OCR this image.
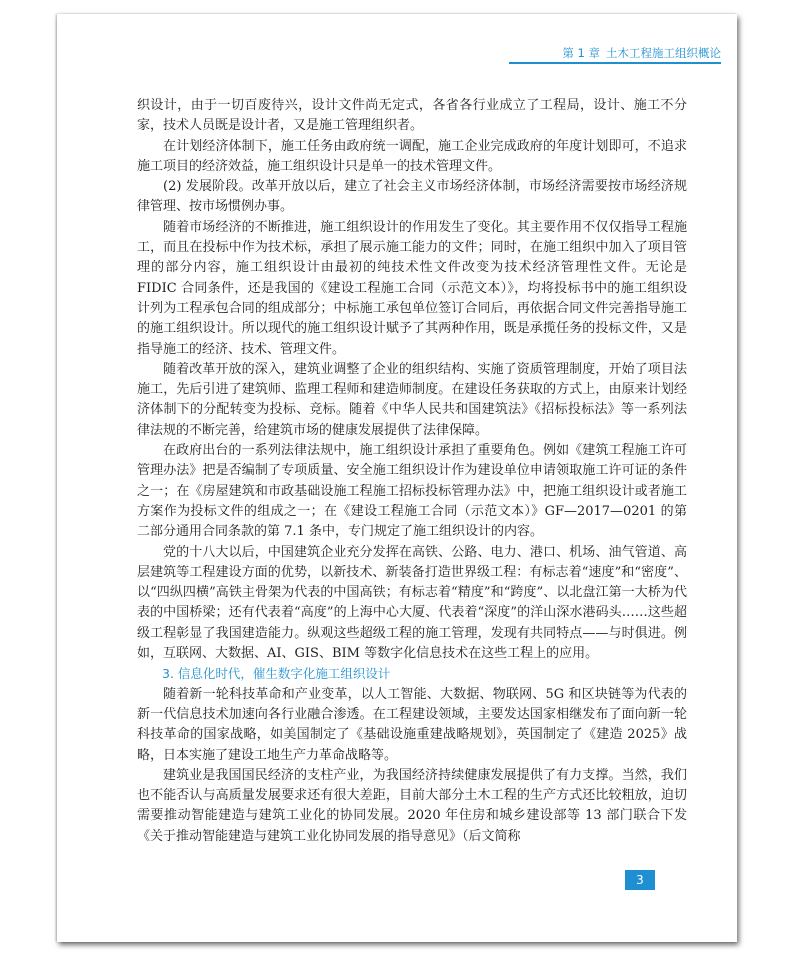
第 1 章 土木工程施工组织概论

织设计，由于一切百废待兴，设计文件尚无定式，各省各行业成立了工程局，设计、施工不分家，技术人员既是设计者，又是施工管理组织者。

在计划经济体制下，施工任务由政府统一调配，施工企业完成政府的年度计划即可，不追求施工项目的经济效益，施工组织设计只是单一的技术管理文件。

(2) 发展阶段。改革开放以后，建立了社会主义市场经济体制，市场经济需要按市场经济规律管理、按市场惯例办事。

随着市场经济的不断推进，施工组织设计的作用发生了变化。其主要作用不仅仅指导工程施工，而且在投标中作为技术标，承担了展示施工能力的文件；同时，在施工组织中加入了项目管理的部分内容，施工组织设计由最初的纯技术性文件改变为技术经济管理性文件。无论是 FIDIC 合同条件，还是我国的《建设工程施工合同（示范文本）》，均将投标书中的施工组织设计列为工程承包合同的组成部分；中标施工承包单位签订合同后，再依据合同文件完善指导施工的施工组织设计。所以现代的施工组织设计赋予了其两种作用，既是承揽任务的投标文件，又是指导施工的经济、技术、管理文件。

随着改革开放的深入，建筑业调整了企业的组织结构、实施了资质管理制度，开始了项目法施工，先后引进了建筑师、监理工程师和建造师制度。在建设任务获取的方式上，由原来计划经济体制下的分配转变为投标、竞标。随着《中华人民共和国建筑法》《招标投标法》等一系列法律法规的不断完善，给建筑市场的健康发展提供了法律保障。

在政府出台的一系列法律法规中，施工组织设计承担了重要角色。例如《建筑工程施工许可管理办法》把是否编制了专项质量、安全施工组织设计作为建设单位申请领取施工许可证的条件之一；在《房屋建筑和市政基础设施工程施工招标投标管理办法》中，把施工组织设计或者施工方案作为投标文件的组成之一；在《建设工程施工合同（示范文本）》GF—2017—0201 的第二部分通用合同条款的第 7.1 条中，专门规定了施工组织设计的内容。

党的十八大以后，中国建筑企业充分发挥在高铁、公路、电力、港口、机场、油气管道、高层建筑等工程建设方面的优势，以新技术、新装备打造世界级工程：有标志着“速度”和“密度”、以“四纵四横”高铁主骨架为代表的中国高铁；有标志着“精度”和“跨度”、以北盘江第一大桥为代表的中国桥梁；还有代表着“高度”的上海中心大厦、代表着“深度”的洋山深水港码头……这些超级工程彰显了我国建造能力。纵观这些超级工程的施工管理，发现有共同特点——与时俱进。例如，互联网、大数据、AI、GIS、BIM 等数字化信息技术在这些工程上的应用。

3. 信息化时代，催生数字化施工组织设计

随着新一轮科技革命和产业变革，以人工智能、大数据、物联网、5G 和区块链等为代表的新一代信息技术加速向各行业融合渗透。在工程建设领域，主要发达国家相继发布了面向新一轮科技革命的国家战略，如美国制定了《基础设施重建战略规划》，英国制定了《建造 2025》战略，日本实施了建设工地生产力革命战略等。

建筑业是我国国民经济的支柱产业，为我国经济持续健康发展提供了有力支撑。当然，我们也不能否认与高质量发展要求还有很大差距，目前大部分土木工程的生产方式还比较粗放，迫切需要推动智能建造与建筑工业化的协同发展。2020 年住房和城乡建设部等 13 部门联合下发《关于推动智能建造与建筑工业化协同发展的指导意见》（后文简称

3
